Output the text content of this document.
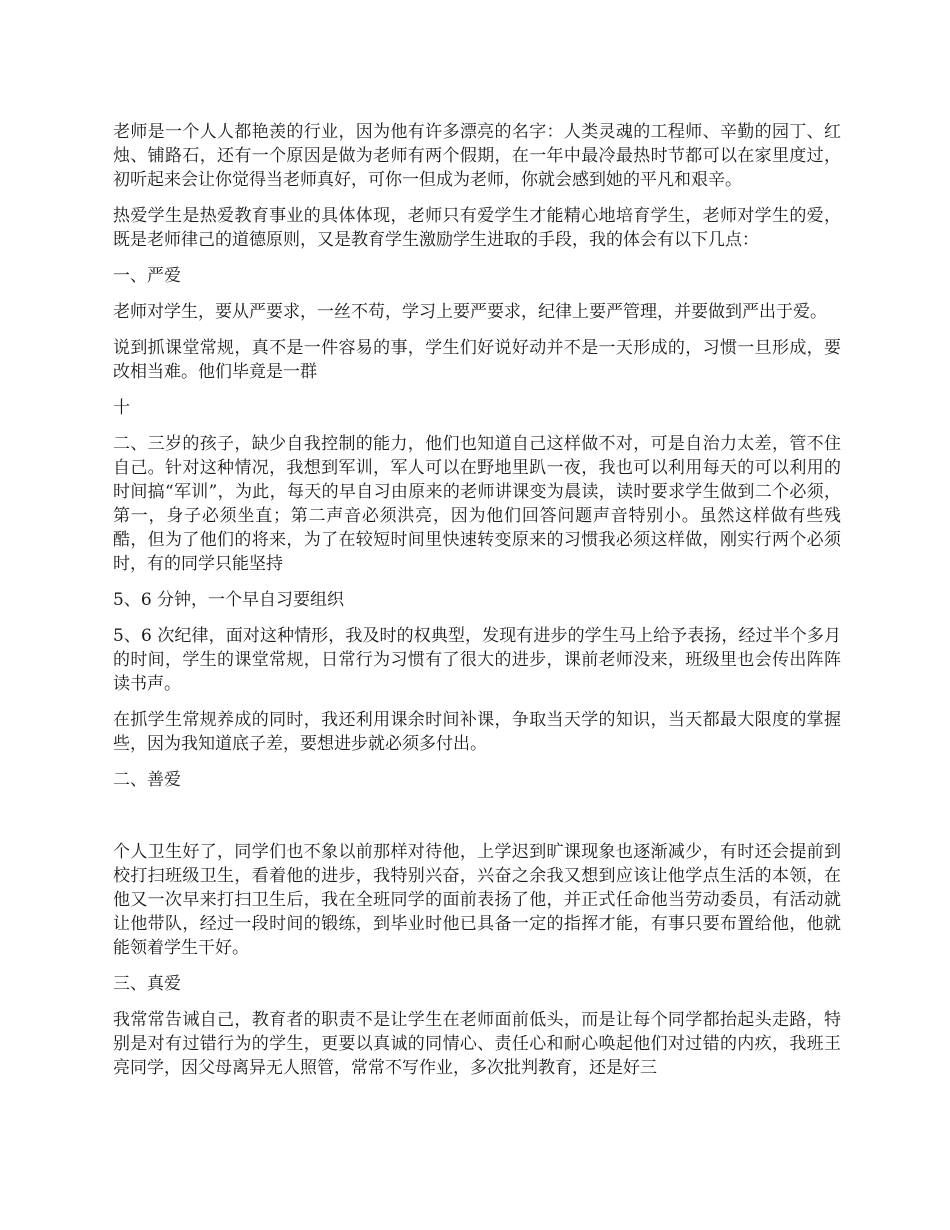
老师是一个人人都艳羡的行业，因为他有许多漂亮的名字：人类灵魂的工程师、辛勤的园丁、红烛、铺路石，还有一个原因是做为老师有两个假期，在一年中最冷最热时节都可以在家里度过，初听起来会让你觉得当老师真好，可你一但成为老师，你就会感到她的平凡和艰辛。

热爱学生是热爱教育事业的具体体现，老师只有爱学生才能精心地培育学生，老师对学生的爱，既是老师律己的道德原则，又是教育学生激励学生进取的手段，我的体会有以下几点：

一、严爱

老师对学生，要从严要求，一丝不苟，学习上要严要求，纪律上要严管理，并要做到严出于爱。

说到抓课堂常规，真不是一件容易的事，学生们好说好动并不是一天形成的，习惯一旦形成，要改相当难。他们毕竟是一群

十

二、三岁的孩子，缺少自我控制的能力，他们也知道自己这样做不对，可是自治力太差，管不住自己。针对这种情况，我想到军训，军人可以在野地里趴一夜，我也可以利用每天的可以利用的时间搞“军训”，为此，每天的早自习由原来的老师讲课变为晨读，读时要求学生做到二个必须，第一，身子必须坐直；第二声音必须洪亮，因为他们回答问题声音特别小。虽然这样做有些残酷，但为了他们的将来，为了在较短时间里快速转变原来的习惯我必须这样做，刚实行两个必须时，有的同学只能坚持

5、6 分钟，一个早自习要组织

5、6 次纪律，面对这种情形，我及时的权典型，发现有进步的学生马上给予表扬，经过半个多月的时间，学生的课堂常规，日常行为习惯有了很大的进步，课前老师没来，班级里也会传出阵阵读书声。

在抓学生常规养成的同时，我还利用课余时间补课，争取当天学的知识，当天都最大限度的掌握些，因为我知道底子差，要想进步就必须多付出。

二、善爱

个人卫生好了，同学们也不象以前那样对待他，上学迟到旷课现象也逐渐减少，有时还会提前到校打扫班级卫生，看着他的进步，我特别兴奋，兴奋之余我又想到应该让他学点生活的本领，在他又一次早来打扫卫生后，我在全班同学的面前表扬了他，并正式任命他当劳动委员，有活动就让他带队，经过一段时间的锻练，到毕业时他已具备一定的指挥才能，有事只要布置给他，他就能领着学生干好。

三、真爱

我常常告诫自己，教育者的职责不是让学生在老师面前低头，而是让每个同学都抬起头走路，特别是对有过错行为的学生，更要以真诚的同情心、责任心和耐心唤起他们对过错的内疚，我班王亮同学，因父母离异无人照管，常常不写作业，多次批判教育，还是好三
